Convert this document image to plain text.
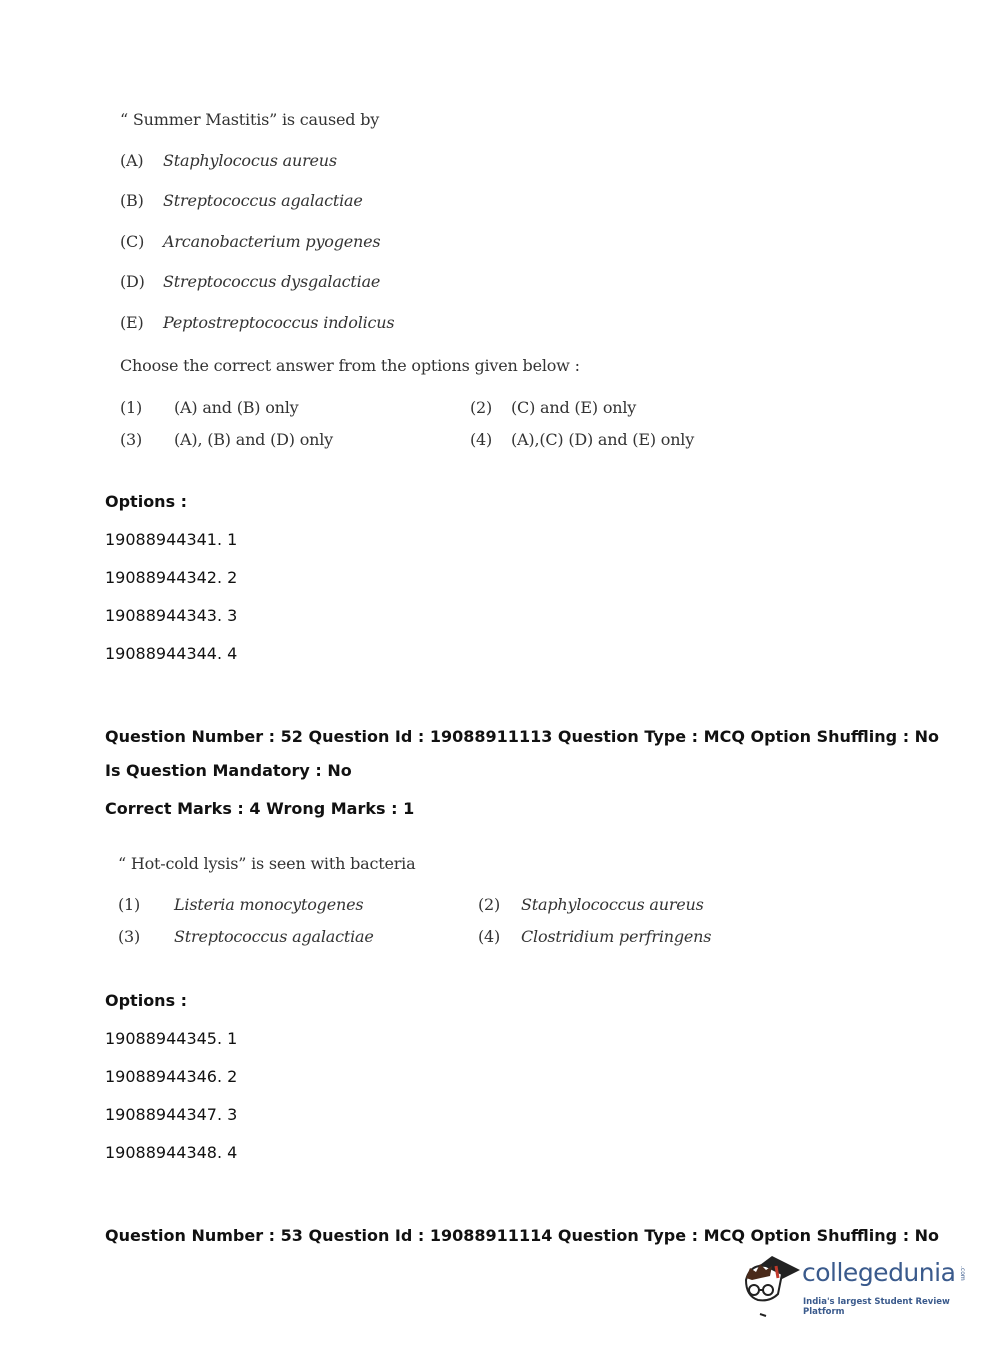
“ Summer Mastitis” is caused by
(A) Staphylococus aureus
(B) Streptococcus agalactiae
(C) Arcanobacterium pyogenes
(D) Streptococcus dysgalactiae
(E) Peptostreptococcus indolicus
Choose the correct answer from the options given below :
(1) (A) and (B) only	(2) (C) and (E) only
(3) (A), (B) and (D) only	(4) (A),(C) (D) and (E) only
Options :
19088944341. 1
19088944342. 2
19088944343. 3
19088944344. 4
Question Number : 52 Question Id : 19088911113 Question Type : MCQ Option Shuffling : No
Is Question Mandatory : No
Correct Marks : 4 Wrong Marks : 1
“ Hot-cold lysis” is seen with bacteria
(1) Listeria monocytogenes	(2) Staphylococcus aureus
(3) Streptococcus agalactiae	(4) Clostridium perfringens
Options :
19088944345. 1
19088944346. 2
19088944347. 3
19088944348. 4
Question Number : 53 Question Id : 19088911114 Question Type : MCQ Option Shuffling : No
collegedunia .com
India's largest Student Review Platform
